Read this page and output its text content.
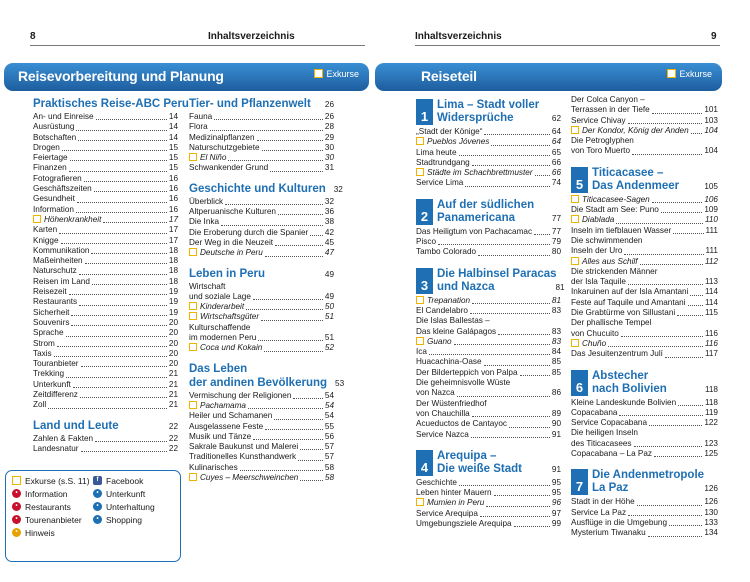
8	Inhaltsverzeichnis
Reisevorbereitung und Planung	Exkurse
Praktisches Reise-ABC Peru
An- und Einreise	14
Ausrüstung	14
Botschaften	14
Drogen	15
Feiertage	15
Finanzen	15
Fotografieren	16
Geschäftszeiten	16
Gesundheit	16
Information	16
Höhenkrankheit	17
Karten	17
Knigge	17
Kommunikation	18
Maßeinheiten	18
Naturschutz	18
Reisen im Land	18
Reisezeit	19
Restaurants	19
Sicherheit	19
Souvenirs	20
Sprache	20
Strom	20
Taxis	20
Touranbieter	20
Trekking	21
Unterkunft	21
Zeitdifferenz	21
Zoll	21
Land und Leute	22
Zahlen & Fakten	22
Landesnatur	22
Tier- und Pflanzenwelt 26
Fauna	26
Flora	28
Medizinalpflanzen	29
Naturschutzgebiete	30
El Niño	30
Schwankender Grund	31
Geschichte und Kulturen 32
Überblick	32
Altperuanische Kulturen	36
Die Inka	38
Die Eroberung durch die Spanier 42
Der Weg in die Neuzeit	45
Deutsche in Peru	47
Leben in Peru	49
Wirtschaft
und soziale Lage	49
Kinderarbeit	50
Wirtschaftsgüter	51
Kulturschaffende
im modernen Peru	51
Coca und Kokain	52
Das Leben
der andinen Bevölkerung 53
Vermischung der Religionen	54
Pachamama	54
Heiler und Schamanen	54
Ausgelassene Feste	55
Musik und Tänze	56
Sakrale Baukunst und Malerei	57
Traditionelles Kunsthandwerk	57
Kulinarisches	58
Cuyes – Meerschweinchen	58
Exkurse (s.S. 11)	f Facebook
• Information	• Unterkunft
• Restaurants	• Unterhaltung
• Tourenanbieter	• Shopping
• Hinweis
Inhaltsverzeichnis	9
Reiseteil	Exkurse
1
Lima – Stadt voller
Widersprüche	62
„Stadt der Könige“	64
Pueblos Jóvenes	64
Lima heute	65
Stadtrundgang	66
Städte im Schachbrettmuster 66
Service Lima	74
2
Auf der südlichen
Panamericana	77
Das Heiligtum von Pachacamac 77
Pisco	79
Tambo Colorado	80
3
Die Halbinsel Paracas
und Nazca	81
Trepanation	81
El Candelabro	83
Die Islas Ballestas –
Das kleine Galápagos	83
Guano	83
Ica	84
Huacachina-Oase	85
Der Bilderteppich von Palpa	85
Die geheimnisvolle Wüste
von Nazca	86
Der Wüstenfriedhof
von Chauchilla	89
Acueductos de Cantayoc	90
Service Nazca	91
4
Arequipa –
Die weiße Stadt	91
Geschichte	95
Leben hinter Mauern	95
Mumien in Peru	96
Service Arequipa	97
Umgebungsziele Arequipa	99
Der Colca Canyon –
Terrassen in der Tiefe	101
Service Chivay	103
Der Kondor, König der Anden 104
Die Petroglyphen
von Toro Muerto	104
5
Titicacasee –
Das Andenmeer	105
Titicacasee-Sagen	106
Die Stadt am See: Puno	109
Diablada	110
Inseln im tiefblauen Wasser	111
Die schwimmenden
Inseln der Uro	111
Alles aus Schilf	112
Die strickenden Männer
der Isla Taquile	113
Inkaruinen auf der Isla Amantani 114
Feste auf Taquile und Amantani 114
Die Grabtürme von Sillustani	115
Der phallische Tempel
von Chucuito	116
Chuño	116
Das Jesuitenzentrum Julí	117
6
Abstecher
nach Bolivien	118
Kleine Landeskunde Bolivien	118
Copacabana	119
Service Copacabana	122
Die heiligen Inseln
des Titicacasees	123
Copacabana – La Paz	125
7
Die Andenmetropole
La Paz	126
Stadt in der Höhe	126
Service La Paz	130
Ausflüge in die Umgebung	133
Mysterium Tiwanaku	134
